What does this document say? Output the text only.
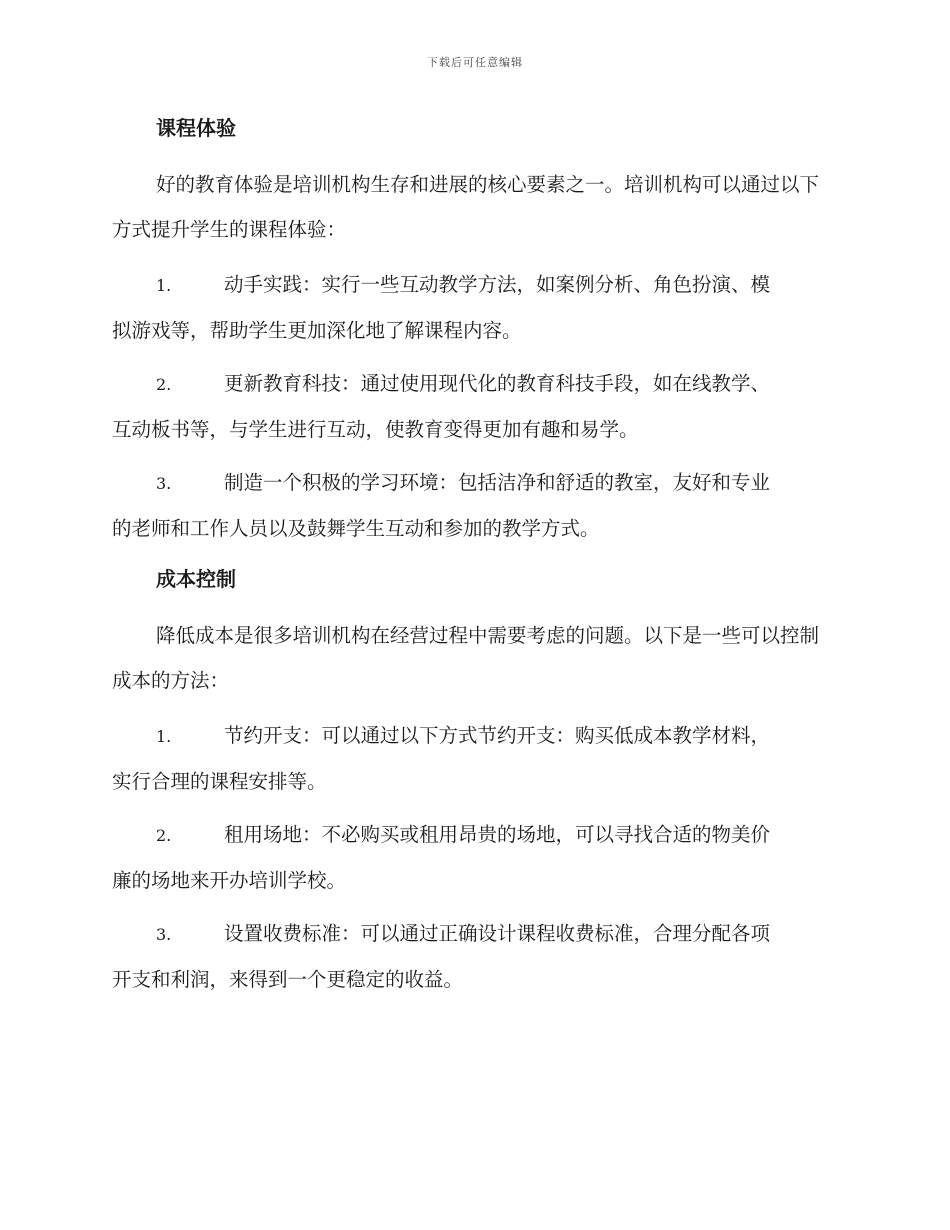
下载后可任意编辑
课程体验

好的教育体验是培训机构生存和进展的核心要素之一。培训机构可以通过以下方式提升学生的课程体验：

1.	动手实践：实行一些互动教学方法，如案例分析、角色扮演、模
拟游戏等，帮助学生更加深化地了解课程内容。
2.	更新教育科技：通过使用现代化的教育科技手段，如在线教学、
互动板书等，与学生进行互动，使教育变得更加有趣和易学。
3.	制造一个积极的学习环境：包括洁净和舒适的教室，友好和专业
的老师和工作人员以及鼓舞学生互动和参加的教学方式。
成本控制

降低成本是很多培训机构在经营过程中需要考虑的问题。以下是一些可以控制成本的方法：

1.	节约开支：可以通过以下方式节约开支：购买低成本教学材料，
实行合理的课程安排等。
2.	租用场地：不必购买或租用昂贵的场地，可以寻找合适的物美价
廉的场地来开办培训学校。
3.	设置收费标准：可以通过正确设计课程收费标准，合理分配各项
开支和利润，来得到一个更稳定的收益。
